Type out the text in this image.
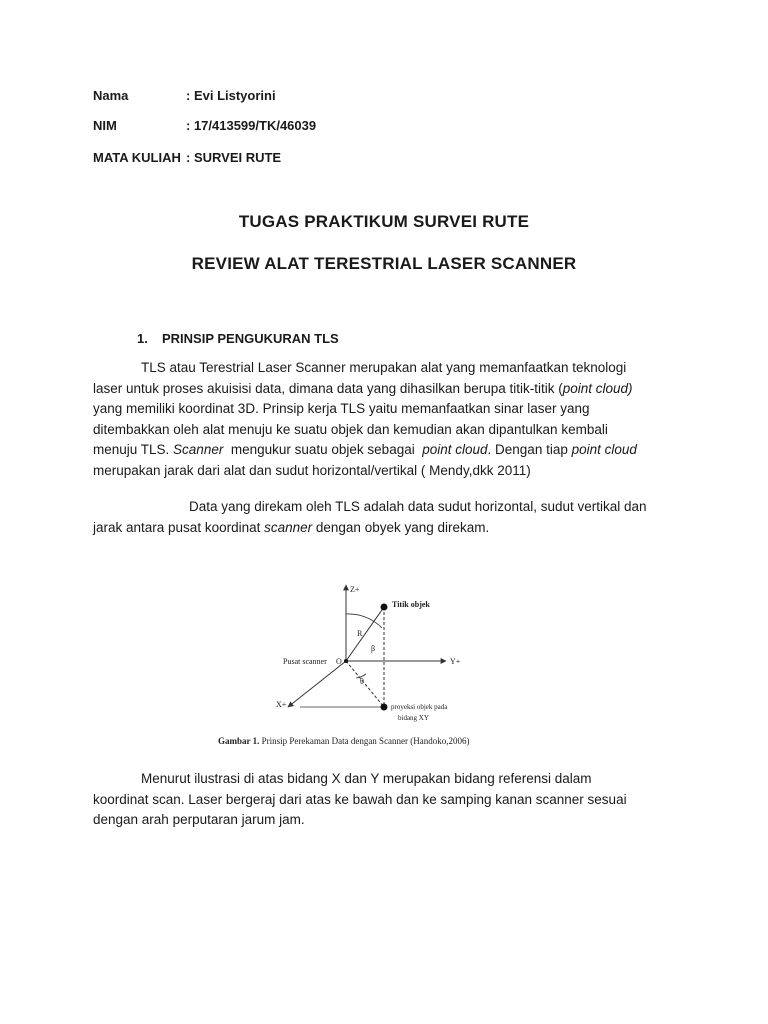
Nama	: Evi Listyorini
NIM	: 17/413599/TK/46039
MATA KULIAH : SURVEI RUTE
TUGAS PRAKTIKUM SURVEI RUTE
REVIEW ALAT TERESTRIAL LASER SCANNER
1. PRINSIP PENGUKURAN TLS
TLS atau Terestrial Laser Scanner merupakan alat yang memanfaatkan teknologi
laser untuk proses akuisisi data, dimana data yang dihasilkan berupa titik-titik (point cloud)
yang memiliki koordinat 3D. Prinsip kerja TLS yaitu memanfaatkan sinar laser yang
ditembakkan oleh alat menuju ke suatu objek dan kemudian akan dipantulkan kembali
menuju TLS. Scanner  mengukur suatu objek sebagai  point cloud. Dengan tiap point cloud
merupakan jarak dari alat dan sudut horizontal/vertikal ( Mendy,dkk 2011)
Data yang direkam oleh TLS adalah data sudut horizontal, sudut vertikal dan
jarak antara pusat koordinat scanner dengan obyek yang direkam.
Z+
Y+
X+
Titik objek
Pusat scanner O
R
β
θ
proyeksi objek pada
bidang XY
Gambar 1. Prinsip Perekaman Data dengan Scanner (Handoko,2006)
Menurut ilustrasi di atas bidang X dan Y merupakan bidang referensi dalam
koordinat scan. Laser bergeraj dari atas ke bawah dan ke samping kanan scanner sesuai
dengan arah perputaran jarum jam.
